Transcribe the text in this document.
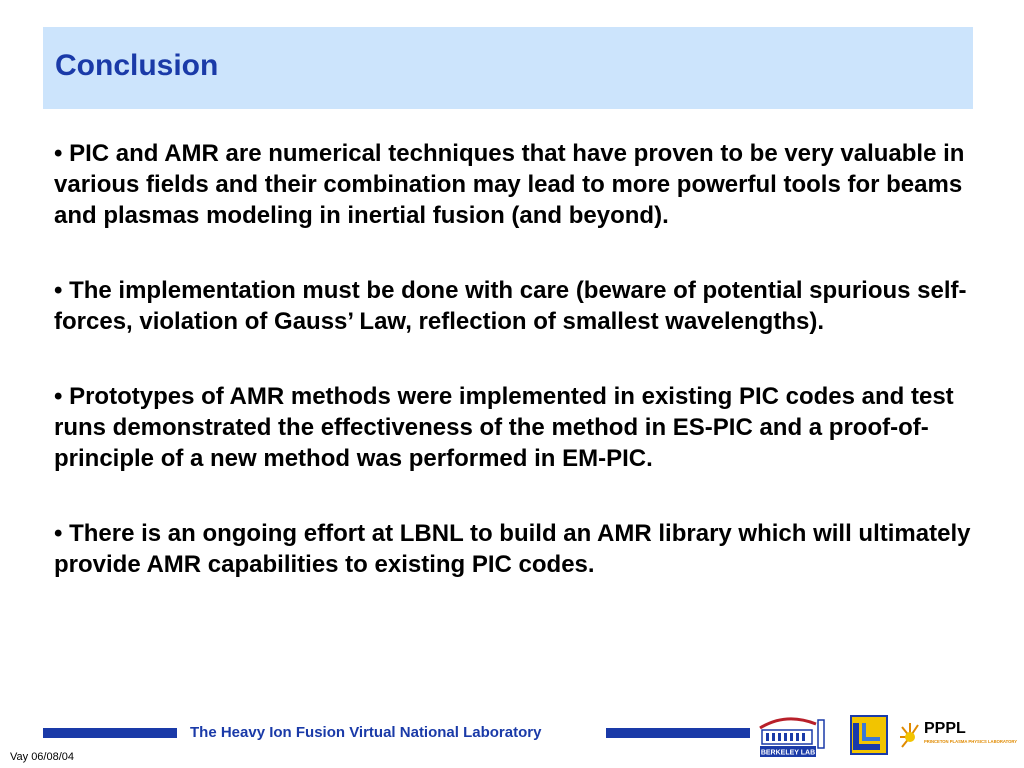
Conclusion
• PIC and AMR are numerical techniques that have proven to be very valuable in various fields and their combination may lead to more powerful tools for beams and plasmas modeling in inertial fusion (and beyond).
• The implementation must be done with care (beware of potential spurious self-forces, violation of Gauss’ Law, reflection of smallest wavelengths).
• Prototypes of AMR methods were implemented in existing PIC codes and test runs demonstrated the effectiveness of the method in ES-PIC and a proof-of-principle of a new method was performed in EM-PIC.
• There is an ongoing effort at LBNL to build an AMR library which will ultimately provide AMR capabilities to existing PIC codes.
The Heavy Ion Fusion Virtual National Laboratory
Vay 06/08/04	BERKELEY LAB
PPPL
PRINCETON PLASMA PHYSICS LABORATORY
